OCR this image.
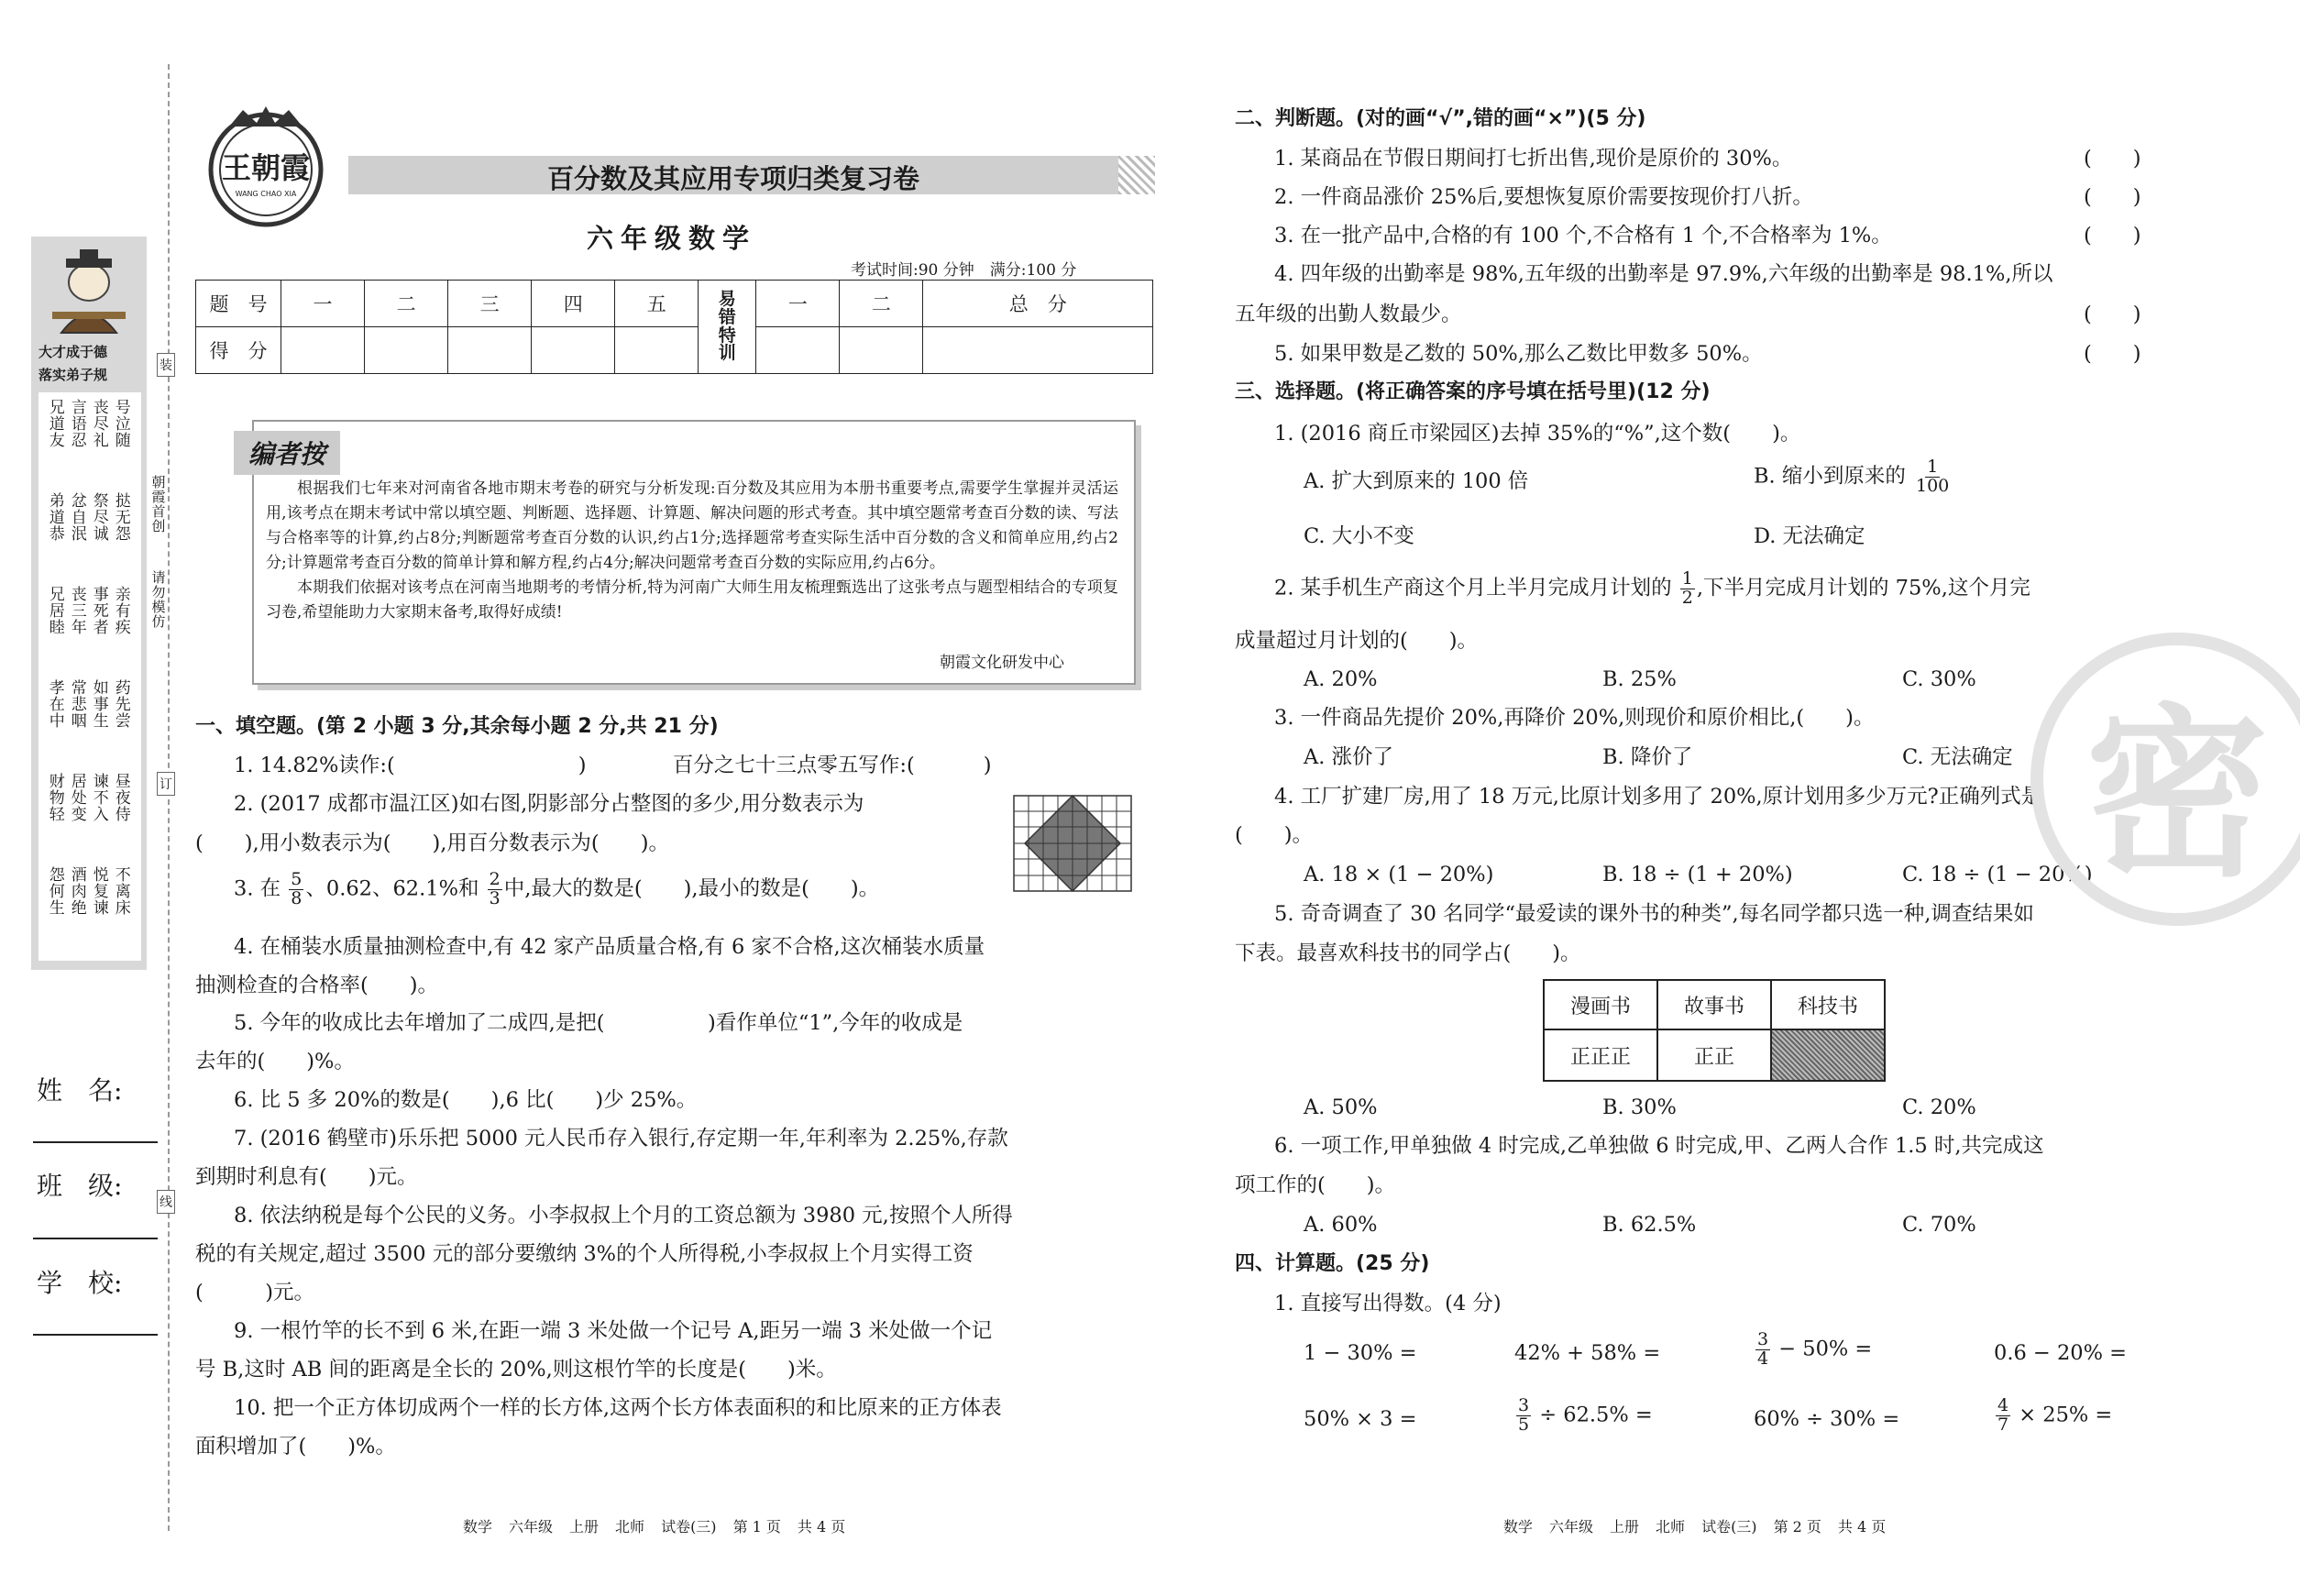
大才成于德
落实弟子规
兄道友
弟道恭
兄居睦
孝在中
财物轻
怨何生
言语忍
忿自泯
丧三年
常悲咽
居处变
酒肉绝
丧尽礼
祭尽诚
事死者
如事生
谏不入
悦复谏
号泣随
挞无怨
亲有疾
药先尝
昼夜侍
不离床
姓　名:
班　级:
学　校:
装
订
线
朝霞首创
请勿模仿
王朝霞
WANG CHAO XIA	百分数及其应用专项归类复习卷
六年级数学
考试时间:90 分钟　满分:100 分
题　号	一	二	三	四	五	易错特训	一	二	总　分
得　分									
编者按
根据我们七年来对河南省各地市期末考卷的研究与分析发现:百分数及其应用为本册书重要考点,需要学生掌握并灵活运用,该考点在期末考试中常以填空题、判断题、选择题、计算题、解决问题的形式考查。其中填空题常考查百分数的读、写法与合格率等的计算,约占8分;判断题常考查百分数的认识,约占1分;选择题常考查实际生活中百分数的含义和简单应用,约占2分;计算题常考查百分数的简单计算和解方程,约占4分;解决问题常考查百分数的实际应用,约占6分。
本期我们依据对该考点在河南当地期考的考情分析,特为河南广大师生用友梳理甄选出了这张考点与题型相结合的专项复习卷,希望能助力大家期末备考,取得好成绩!
朝霞文化研发中心
一、填空题。(第 2 小题 3 分,其余每小题 2 分,共 21 分)
1. 14.82%读作:(	)	百分之七十三点零五写作:(	)
2. (2017 成都市温江区)如右图,阴影部分占整图的多少,用分数表示为
(　　),用小数表示为(　　),用百分数表示为(　　)。
3. 在 $\frac{5}{8}$ 、0.62、62.1%和 $\frac{2}{3}$ 中,最大的数是(　　),最小的数是(　　)。
4. 在桶装水质量抽测检查中,有 42 家产品质量合格,有 6 家不合格,这次桶装水质量
抽测检查的合格率(　　)。
5. 今年的收成比去年增加了二成四,是把(　　　　　)看作单位“1”,今年的收成是
去年的(　　)%。
6. 比 5 多 20%的数是(　　),6 比(　　)少 25%。
7. (2016 鹤壁市)乐乐把 5000 元人民币存入银行,存定期一年,年利率为 2.25%,存款
到期时利息有(　　)元。
8. 依法纳税是每个公民的义务。小李叔叔上个月的工资总额为 3980 元,按照个人所得
税的有关规定,超过 3500 元的部分要缴纳 3%的个人所得税,小李叔叔上个月实得工资
(　　　)元。
9. 一根竹竿的长不到 6 米,在距一端 3 米处做一个记号 A,距另一端 3 米处做一个记
号 B,这时 AB 间的距离是全长的 20%,则这根竹竿的长度是(　　)米。
10. 把一个正方体切成两个一样的长方体,这两个长方体表面积的和比原来的正方体表
面积增加了(　　)%。
数学 六年级 上册 北师 试卷(三) 第 1 页 共 4 页
二、判断题。(对的画“√”,错的画“×”)(5 分)
1. 某商品在节假日期间打七折出售,现价是原价的 30%。	(　　)
2. 一件商品涨价 25%后,要想恢复原价需要按现价打八折。	(　　)
3. 在一批产品中,合格的有 100 个,不合格有 1 个,不合格率为 1%。	(　　)
4. 四年级的出勤率是 98%,五年级的出勤率是 97.9%,六年级的出勤率是 98.1%,所以
五年级的出勤人数最少。	(　　)
5. 如果甲数是乙数的 50%,那么乙数比甲数多 50%。	(　　)
三、选择题。(将正确答案的序号填在括号里)(12 分)
1. (2016 商丘市梁园区)去掉 35%的“%”,这个数(　　)。
A. 扩大到原来的 100 倍	B. 缩小到原来的 $\frac{1}{100}$
C. 大小不变	D. 无法确定
2. 某手机生产商这个月上半月完成月计划的 $\frac{1}{2}$ ,下半月完成月计划的 75%,这个月完
成量超过月计划的(　　)。
A. 20%	B. 25%	C. 30%
3. 一件商品先提价 20%,再降价 20%,则现价和原价相比,(　　)。
A. 涨价了	B. 降价了	C. 无法确定
4. 工厂扩建厂房,用了 18 万元,比原计划多用了 20%,原计划用多少万元?正确列式是
(　　)。
A. 18 × (1 − 20%)	B. 18 ÷ (1 + 20%)	C. 18 ÷ (1 − 20%)
5. 奇奇调查了 30 名同学“最爱读的课外书的种类”,每名同学都只选一种,调查结果如
下表。最喜欢科技书的同学占(　　)。
漫画书	故事书	科技书
正正正	正正	
A. 50%	B. 30%	C. 20%
6. 一项工作,甲单独做 4 时完成,乙单独做 6 时完成,甲、乙两人合作 1.5 时,共完成这
项工作的(　　)。
A. 60%	B. 62.5%	C. 70%
四、计算题。(25 分)
1. 直接写出得数。(4 分)
1 − 30% =	42% + 58% =	$\frac{3}{4} - 50\%$ =	0.6 − 20% =
50% × 3 =	$\frac{3}{5} \div 62.5\%$ =	60% ÷ 30% =	$\frac{4}{7} \times 25\%$ =
数学 六年级 上册 北师 试卷(三) 第 2 页 共 4 页
密
